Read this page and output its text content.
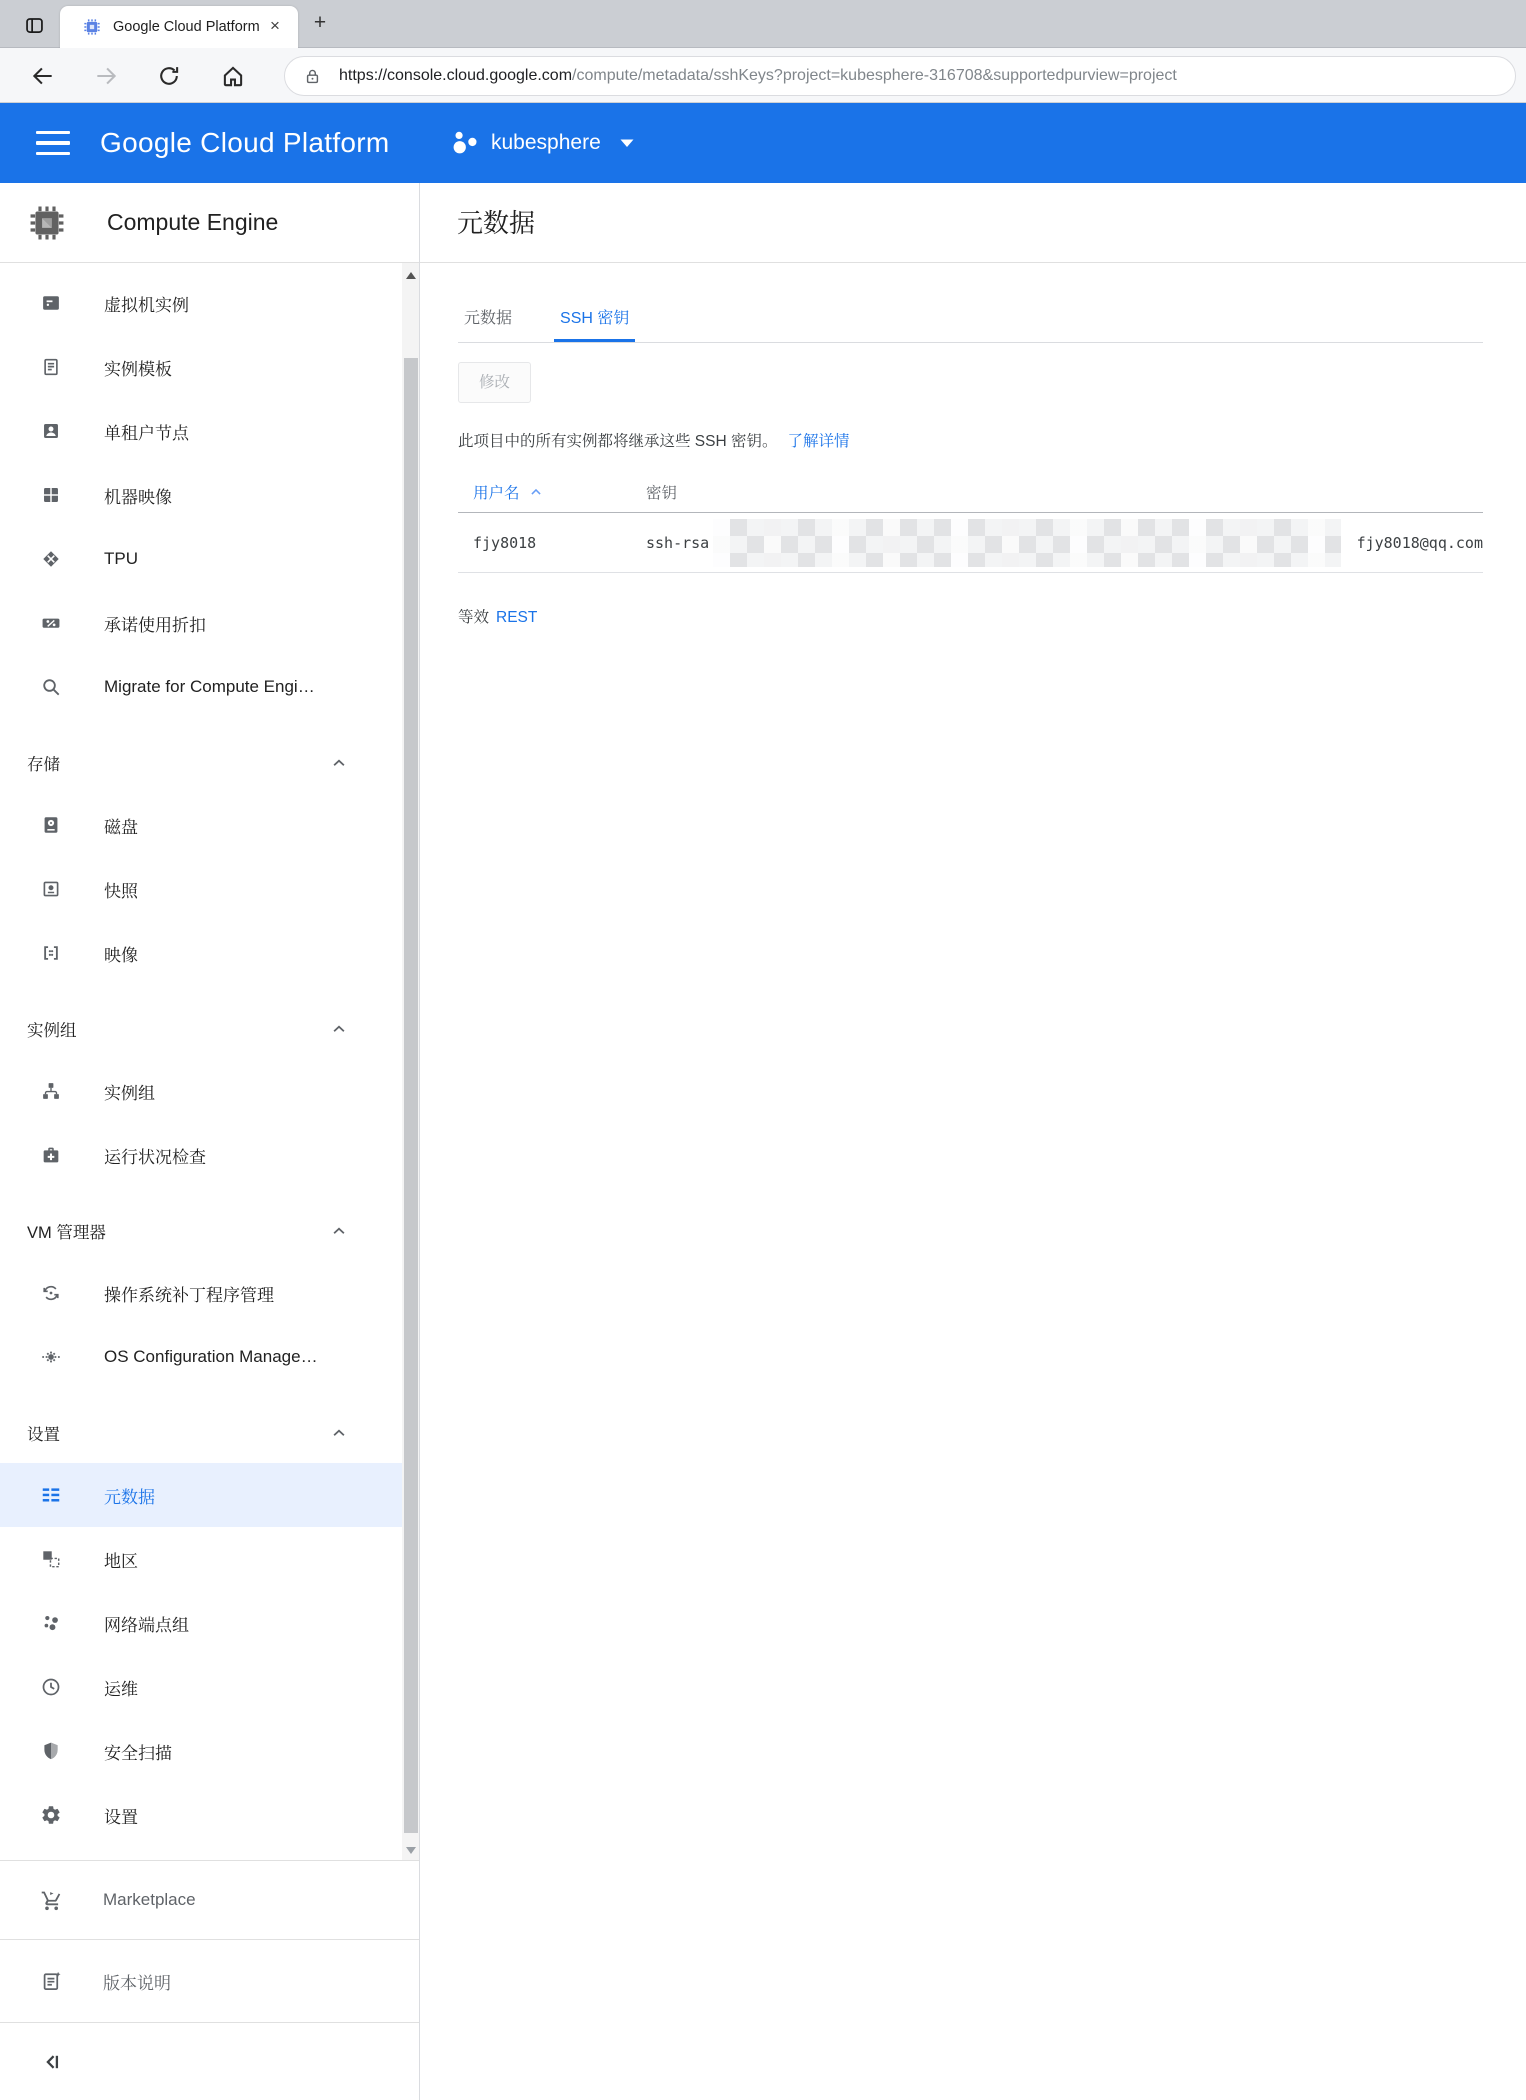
Google Cloud Platform ×	+
https://console.cloud.google.com/compute/metadata/sshKeys?project=kubesphere-316708&supportedpurview=project
Google Cloud Platform	kubesphere
Compute Engine
虚拟机实例
实例模板
单租户节点
机器映像
TPU
承诺使用折扣
Migrate for Compute Engi…
存储
磁盘
快照
映像
实例组
实例组
运行状况检查
VM 管理器
操作系统补丁程序管理
OS Configuration Manage…
设置
元数据
地区
网络端点组
运维
安全扫描
设置
Marketplace
版本说明
元数据
元数据	SSH 密钥
修改
此项目中的所有实例都将继承这些 SSH 密钥。 了解详情
用户名	密钥
fjy8018	ssh-rsa	fjy8018@qq.com
等效 REST
